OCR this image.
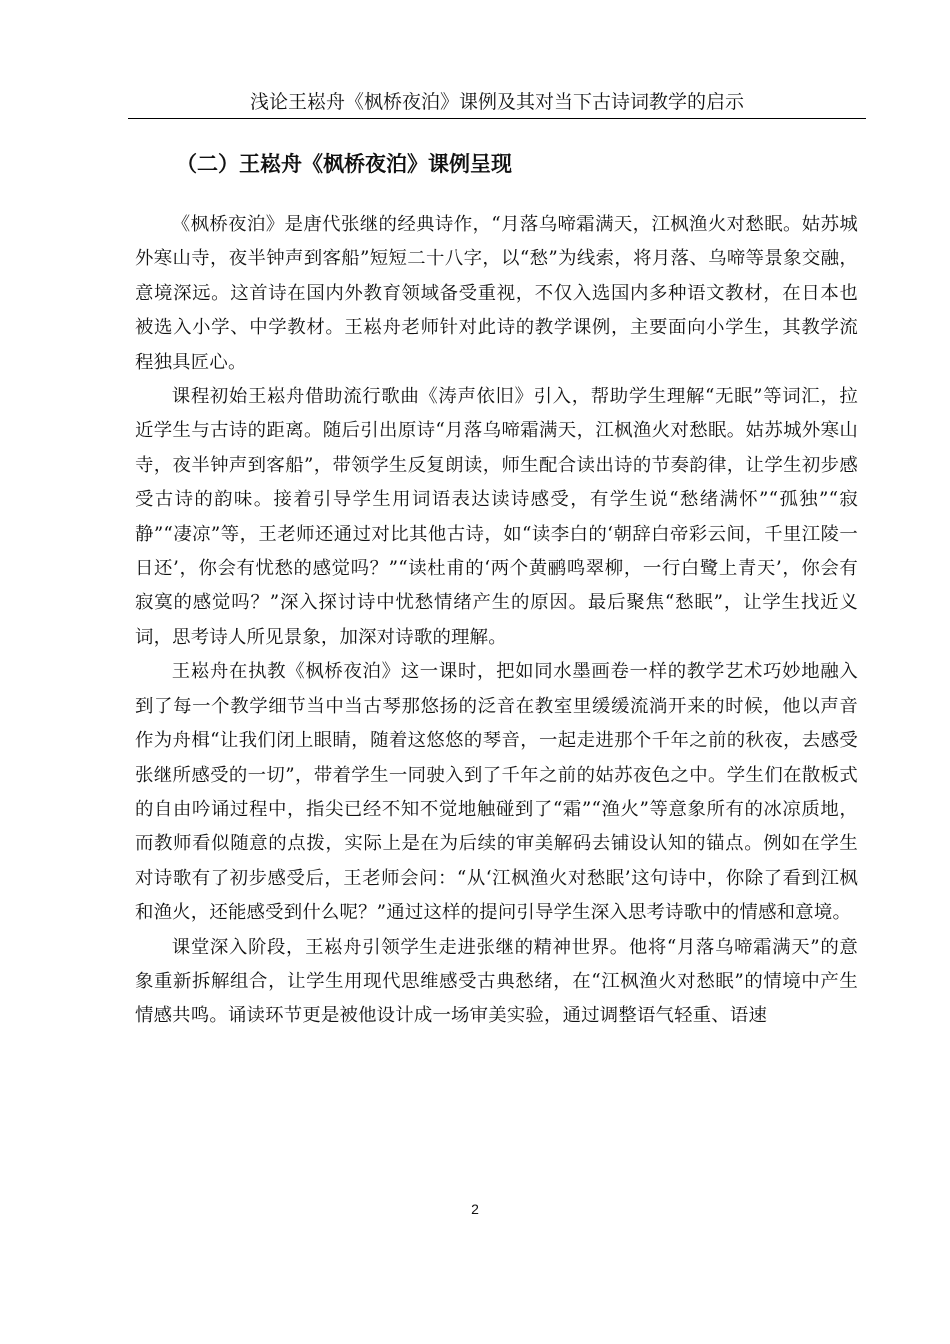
浅论王崧舟《枫桥夜泊》课例及其对当下古诗词教学的启示
（二）王崧舟《枫桥夜泊》课例呈现

《枫桥夜泊》是唐代张继的经典诗作，“月落乌啼霜满天，江枫渔火对愁眠。姑苏城外寒山寺，夜半钟声到客船”短短二十八字，以“愁”为线索，将月落、乌啼等景象交融，意境深远。这首诗在国内外教育领域备受重视，不仅入选国内多种语文教材，在日本也被选入小学、中学教材。王崧舟老师针对此诗的教学课例，主要面向小学生，其教学流程独具匠心。

课程初始王崧舟借助流行歌曲《涛声依旧》引入，帮助学生理解“无眠”等词汇，拉近学生与古诗的距离。随后引出原诗“月落乌啼霜满天，江枫渔火对愁眠。姑苏城外寒山寺，夜半钟声到客船”，带领学生反复朗读，师生配合读出诗的节奏韵律，让学生初步感受古诗的韵味。接着引导学生用词语表达读诗感受，有学生说“愁绪满怀”“孤独”“寂静”“凄凉”等，王老师还通过对比其他古诗，如“读李白的‘朝辞白帝彩云间，千里江陵一日还’，你会有忧愁的感觉吗？”“读杜甫的‘两个黄鹂鸣翠柳，一行白鹭上青天’，你会有寂寞的感觉吗？”深入探讨诗中忧愁情绪产生的原因。最后聚焦“愁眠”，让学生找近义词，思考诗人所见景象，加深对诗歌的理解。

王崧舟在执教《枫桥夜泊》这一课时，把如同水墨画卷一样的教学艺术巧妙地融入到了每一个教学细节当中当古琴那悠扬的泛音在教室里缓缓流淌开来的时候，他以声音作为舟楫“让我们闭上眼睛，随着这悠悠的琴音，一起走进那个千年之前的秋夜，去感受张继所感受的一切”，带着学生一同驶入到了千年之前的姑苏夜色之中。学生们在散板式的自由吟诵过程中，指尖已经不知不觉地触碰到了“霜”“渔火”等意象所有的冰凉质地，而教师看似随意的点拨，实际上是在为后续的审美解码去铺设认知的锚点。例如在学生对诗歌有了初步感受后，王老师会问：“从‘江枫渔火对愁眠’这句诗中，你除了看到江枫和渔火，还能感受到什么呢？”通过这样的提问引导学生深入思考诗歌中的情感和意境。

课堂深入阶段，王崧舟引领学生走进张继的精神世界。他将“月落乌啼霜满天”的意象重新拆解组合，让学生用现代思维感受古典愁绪，在“江枫渔火对愁眠”的情境中产生情感共鸣。诵读环节更是被他设计成一场审美实验，通过调整语气轻重、语速

2
